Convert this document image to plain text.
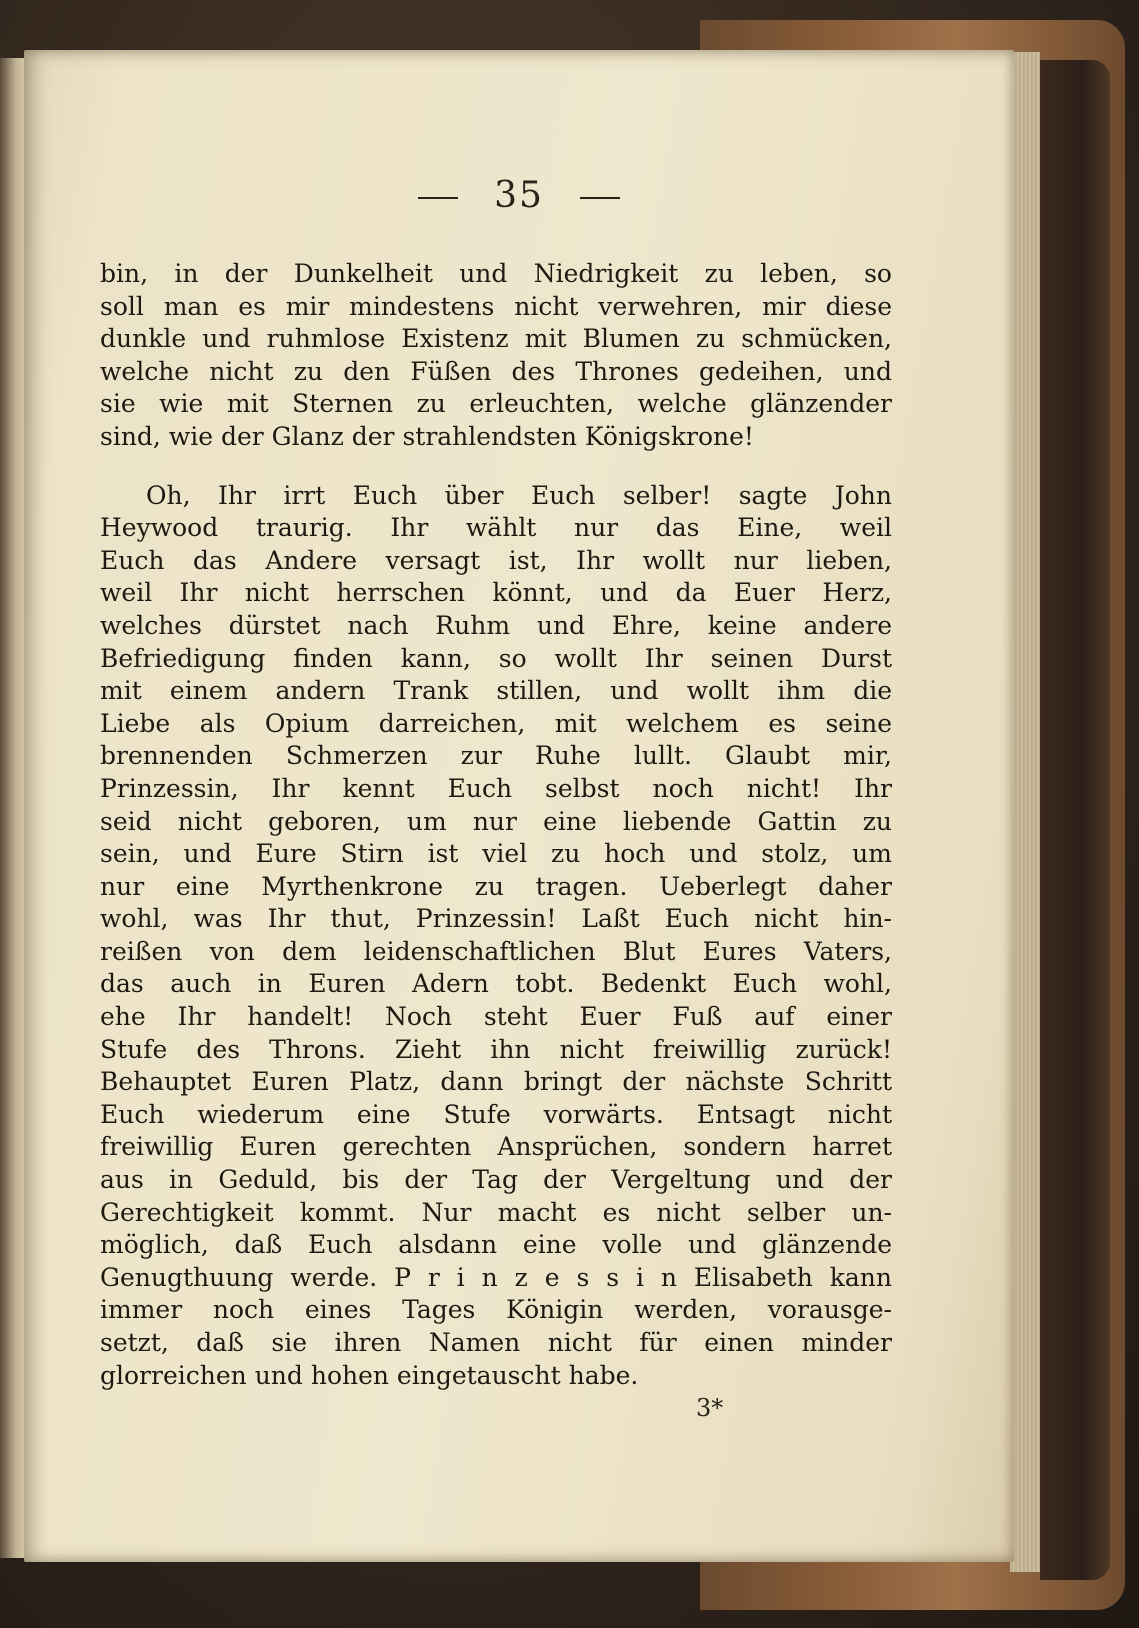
35
bin, in der Dunkelheit und Niedrigkeit zu leben, so
soll man es mir mindestens nicht verwehren, mir diese
dunkle und ruhmlose Existenz mit Blumen zu schmücken,
welche nicht zu den Füßen des Thrones gedeihen, und
sie wie mit Sternen zu erleuchten, welche glänzender
sind, wie der Glanz der strahlendsten Königskrone!
Oh, Ihr irrt Euch über Euch selber! sagte John
Heywood traurig. Ihr wählt nur das Eine, weil
Euch das Andere versagt ist, Ihr wollt nur lieben,
weil Ihr nicht herrschen könnt, und da Euer Herz,
welches dürstet nach Ruhm und Ehre, keine andere
Befriedigung finden kann, so wollt Ihr seinen Durst
mit einem andern Trank stillen, und wollt ihm die
Liebe als Opium darreichen, mit welchem es seine
brennenden Schmerzen zur Ruhe lullt. Glaubt mir,
Prinzessin, Ihr kennt Euch selbst noch nicht! Ihr
seid nicht geboren, um nur eine liebende Gattin zu
sein, und Eure Stirn ist viel zu hoch und stolz, um
nur eine Myrthenkrone zu tragen. Ueberlegt daher
wohl, was Ihr thut, Prinzessin! Laßt Euch nicht hin-
reißen von dem leidenschaftlichen Blut Eures Vaters,
das auch in Euren Adern tobt. Bedenkt Euch wohl,
ehe Ihr handelt! Noch steht Euer Fuß auf einer
Stufe des Throns. Zieht ihn nicht freiwillig zurück!
Behauptet Euren Platz, dann bringt der nächste Schritt
Euch wiederum eine Stufe vorwärts. Entsagt nicht
freiwillig Euren gerechten Ansprüchen, sondern harret
aus in Geduld, bis der Tag der Vergeltung und der
Gerechtigkeit kommt. Nur macht es nicht selber un-
möglich, daß Euch alsdann eine volle und glänzende
Genugthuung werde. P r i n z e s s i n Elisabeth kann
immer noch eines Tages Königin werden, vorausge-
setzt, daß sie ihren Namen nicht für einen minder
glorreichen und hohen eingetauscht habe.
3*
